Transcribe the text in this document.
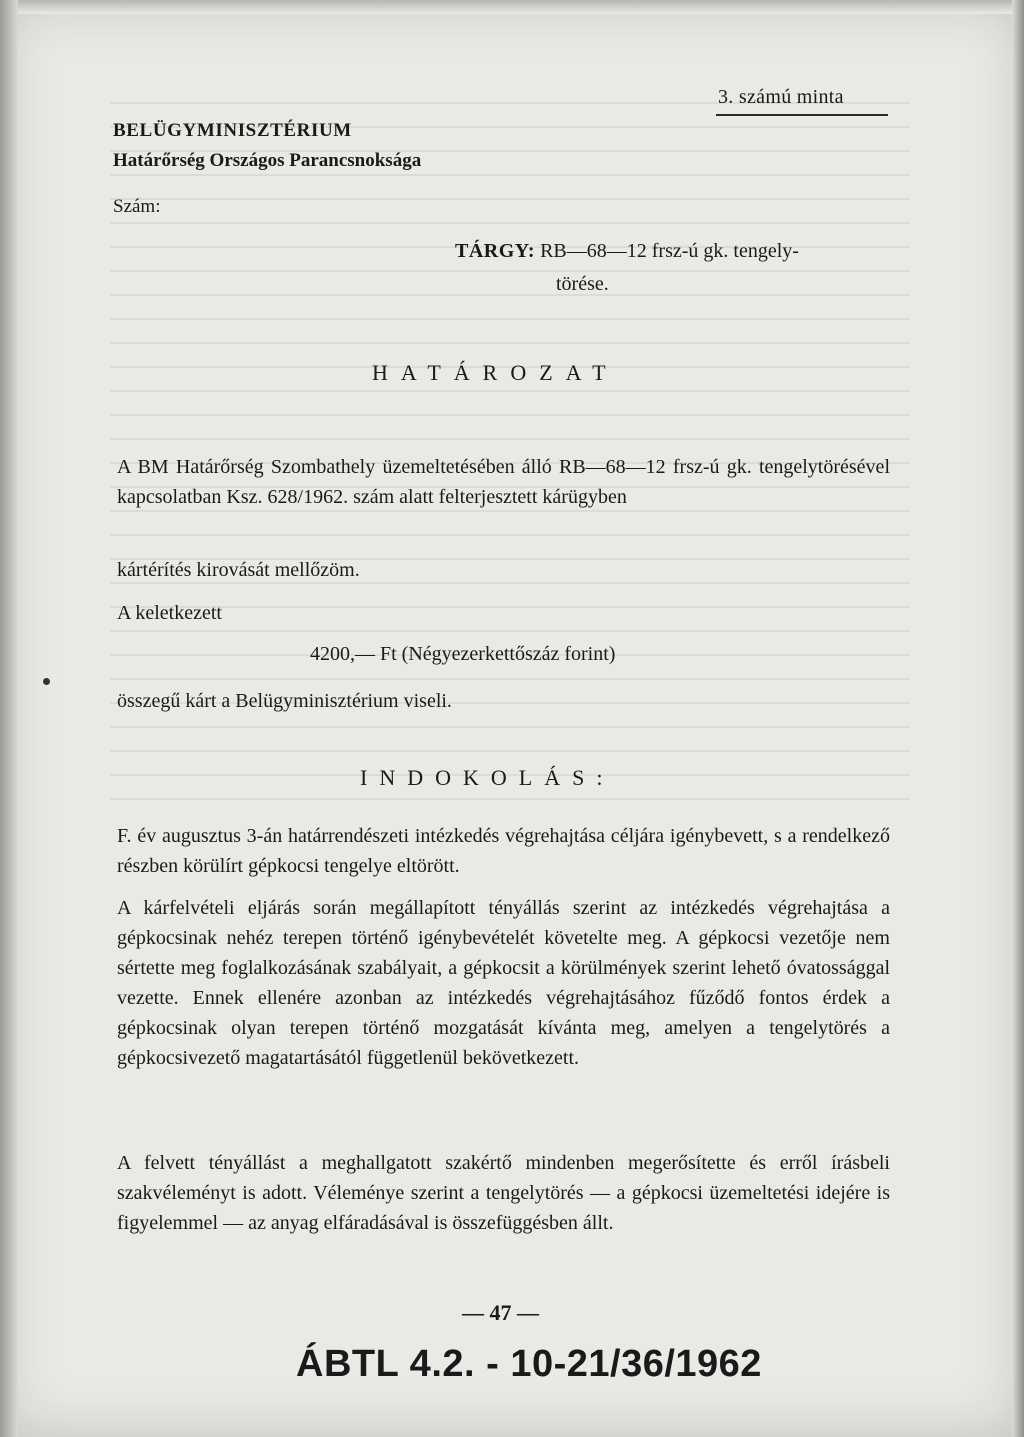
3. számú minta
BELÜGYMINISZTÉRIUM
Határőrség Országos Parancsnoksága
Szám:
TÁRGY: RB—68—12 frsz-ú gk. tengely-
törése.
HATÁROZAT
A BM Határőrség Szombathely üzemeltetésében álló RB—68—12 frsz-ú gk. tengelytörésével kapcsolatban Ksz. 628/1962. szám alatt felterjesztett kárügyben
kártérítés kirovását mellőzöm.
A keletkezett
4200,— Ft (Négyezerkettőszáz forint)
összegű kárt a Belügyminisztérium viseli.
INDOKOLÁS:
F. év augusztus 3-án határrendészeti intézkedés végrehajtása céljára igénybevett, s a rendelkező részben körülírt gépkocsi tengelye eltörött.
A kárfelvételi eljárás során megállapított tényállás szerint az intézkedés végrehajtása a gépkocsinak nehéz terepen történő igénybevételét követelte meg. A gépkocsi vezetője nem sértette meg foglalkozásának szabályait, a gépkocsit a körülmények szerint lehető óvatossággal vezette. Ennek ellenére azonban az intézkedés végrehajtásához fűződő fontos érdek a gépkocsinak olyan terepen történő mozgatását kívánta meg, amelyen a tengelytörés a gépkocsivezető magatartásától függetlenül bekövetkezett.
A felvett tényállást a meghallgatott szakértő mindenben megerősítette és erről írásbeli szakvéleményt is adott. Véleménye szerint a tengelytörés — a gépkocsi üzemeltetési idejére is figyelemmel — az anyag elfáradásával is összefüggésben állt.
— 47 —
ÁBTL 4.2. - 10-21/36/1962
